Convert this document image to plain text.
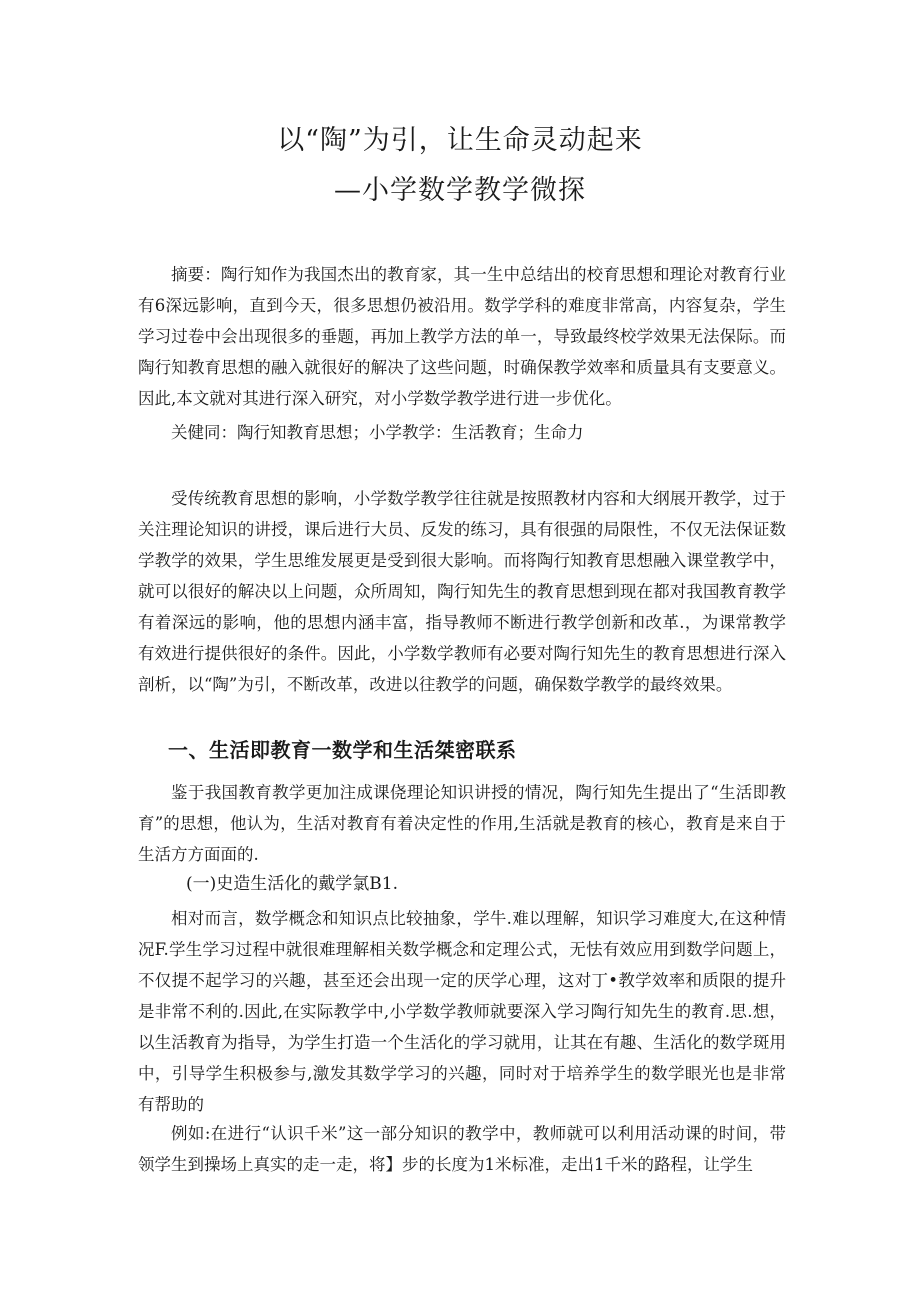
以“陶”为引，让生命灵动起来
—小学数学教学微探

摘要：陶行知作为我国杰出的教育家，其一生中总结出的校育思想和理论对教育行业有6深远影响，直到今天，很多思想仍被沿用。数学学科的难度非常高，内容复杂，学生学习过卷中会出现很多的垂题，再加上教学方法的单一，导致最终校学效果无法保际。而陶行知教育思想的融入就很好的解决了这些问题，时确保教学效率和质量具有支要意义。因此,本文就对其进行深入研究，对小学数学教学进行进一步优化。

关健同：陶行知教育思想；小学教学：生活教育；生命力

受传统教育思想的影响，小学数学教学往往就是按照教材内容和大纲展开教学，过于关注理论知识的讲授，课后进行大员、反发的练习，具有很强的局限性，不仅无法保证数学教学的效果，学生思维发展更是受到很大影响。而将陶行知教育思想融入课堂教学中，就可以很好的解决以上问题，众所周知，陶行知先生的教育思想到现在都对我国教育教学有着深远的影响，他的思想内涵丰富，指导教师不断进行教学创新和改革.，为课常教学有效进行提供很好的条件。因此，小学数学教师有必要对陶行知先生的教育思想进行深入剖析，以“陶”为引，不断改革，改进以往教学的问题，确保数学教学的最终效果。

一、生活即教育一数学和生活桀密联系

鉴于我国教育教学更加注成课侥理论知识讲授的情况，陶行知先生提出了“生活即教育”的思想，他认为，生活对教育有着决定性的作用,生活就是教育的核心，教育是来自于生活方方面面的.

(一)史造生活化的戴学氯B1.

相对而言，数学概念和知识点比较抽象，学牛.难以理解，知识学习难度大,在这种情况F.学生学习过程中就很难理解相关数学概念和定理公式，无怯有效应用到数学问题上，不仅提不起学习的兴趣，甚至还会出现一定的厌学心理，这对丁•教学效率和质限的提升是非常不利的.因此,在实际教学中,小学数学教师就要深入学习陶行知先生的教育.思.想，以生活教育为指导，为学生打造一个生活化的学习就用，让其在有趣、生活化的数学斑用中，引导学生积极参与,激发其数学学习的兴趣，同时对于培养学生的数学眼光也是非常有帮助的

例如:在进行“认识千米”这一部分知识的教学中，教师就可以利用活动课的时间，带领学生到操场上真实的走一走，将】步的长度为1米标准，走出1千米的路程，让学生
